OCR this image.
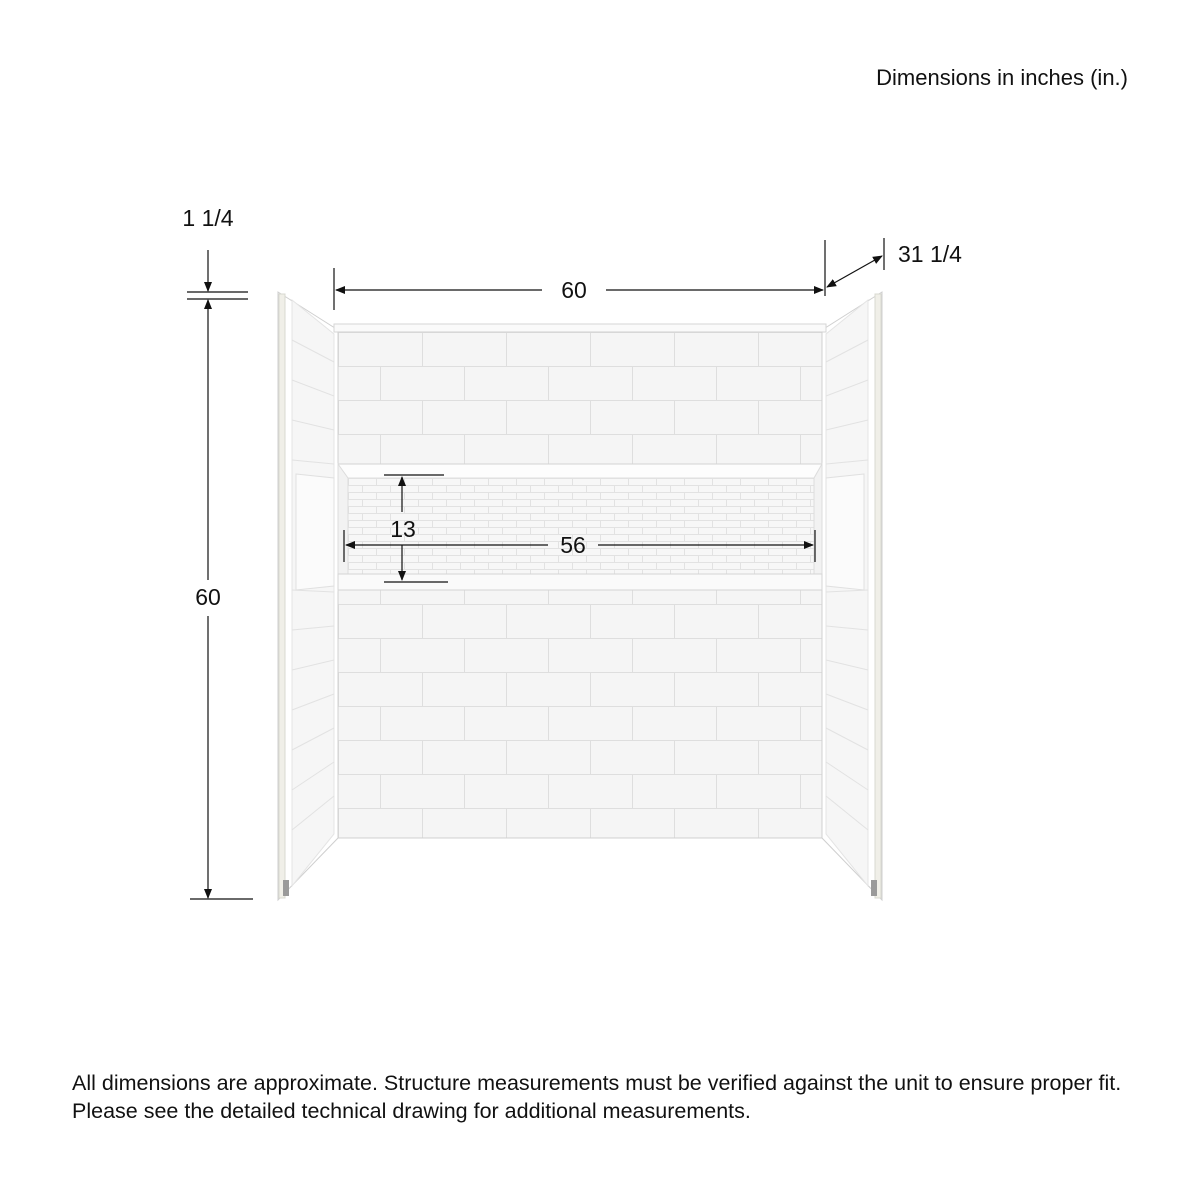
Dimensions in inches (in.)
1 1/4
60
60
31 1/4
13
56
All dimensions are approximate. Structure measurements must be verified against the unit to ensure proper fit. Please see the detailed technical drawing for additional measurements.
